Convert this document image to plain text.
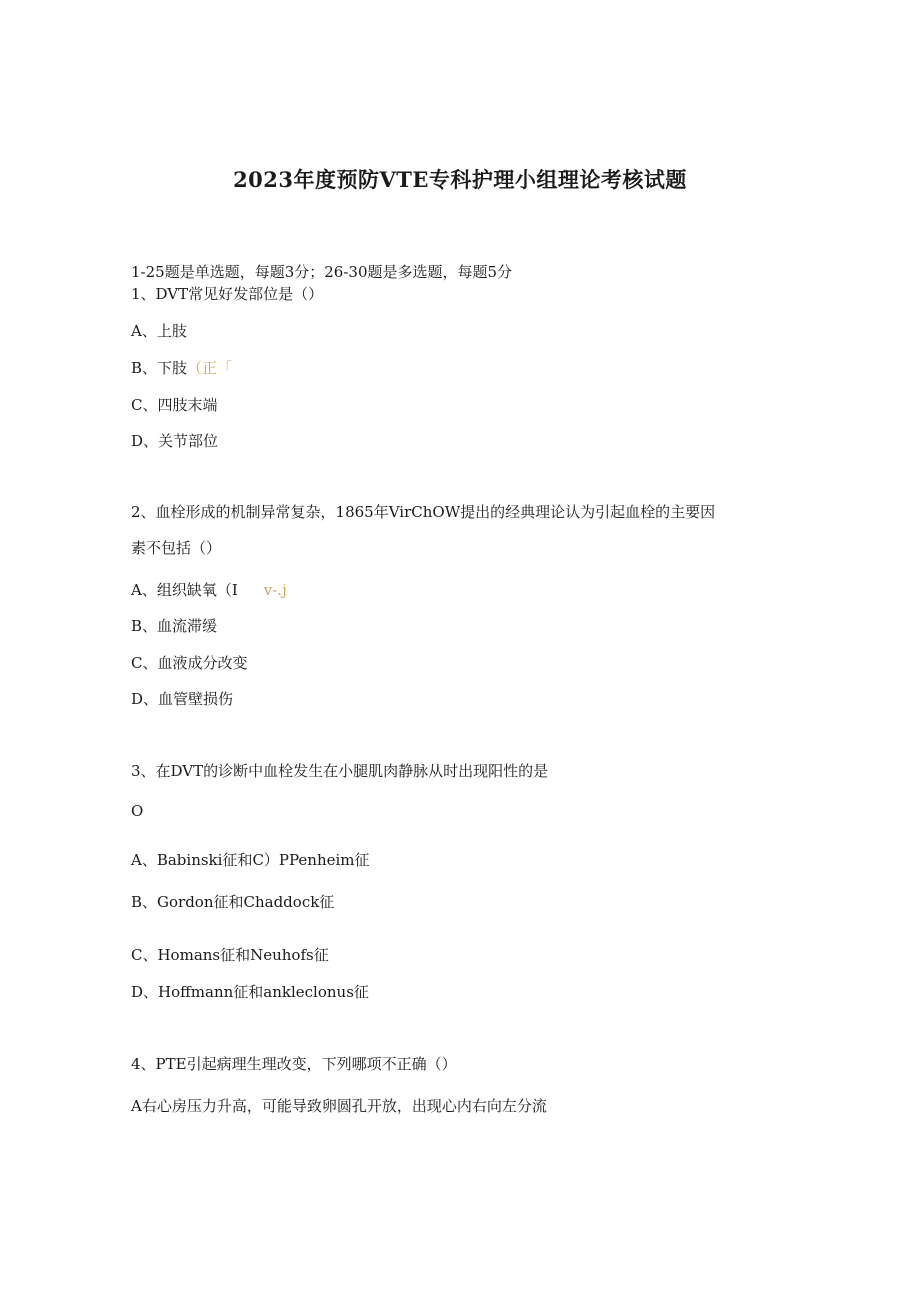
2023年度预防VTE专科护理小组理论考核试题
1-25题是单选题，每题3分；26-30题是多选题，每题5分
1、DVT常见好发部位是（）
A、上肢
B、下肢（正「
C、四肢末端
D、关节部位
2、血栓形成的机制异常复杂，1865年VirChOW提出的经典理论认为引起血栓的主要因
素不包括（）
A、组织缺氧（I v-.j
B、血流滞缓
C、血液成分改变
D、血管壁损伤
3、在DVT的诊断中血栓发生在小腿肌肉静脉从时出现阳性的是
O
A、Babinski征和C）PPenheim征
B、Gordon征和Chaddock征
C、Homans征和Neuhofs征
D、Hoffmann征和ankleclonus征
4、PTE引起病理生理改变，下列哪项不正确（）
A右心房压力升高，可能导致卵圆孔开放，出现心内右向左分流
